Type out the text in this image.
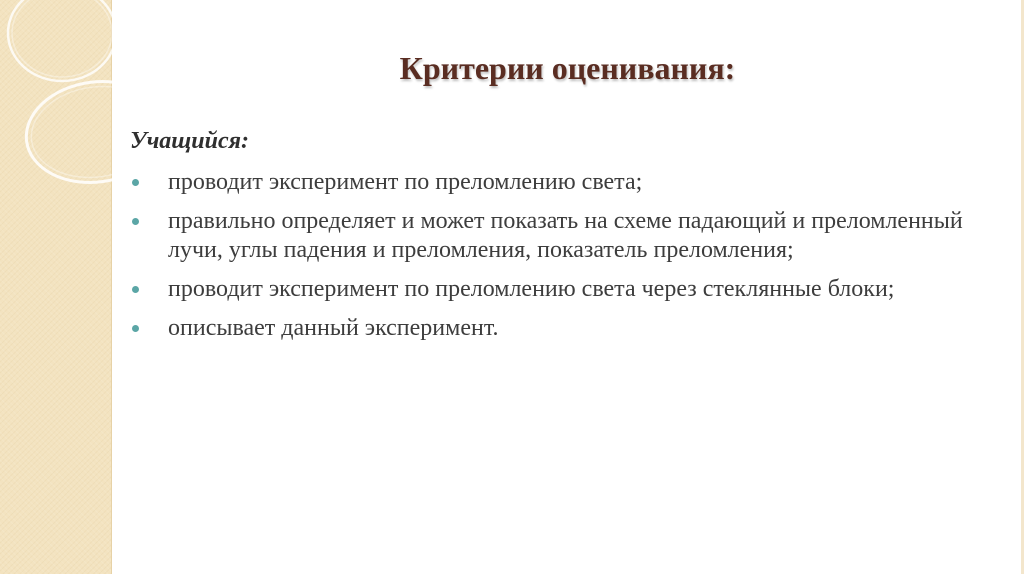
Критерии оценивания:

Учащийся:

проводит эксперимент по преломлению света;
правильно определяет и может показать на схеме падающий и преломленный лучи, углы падения и преломления, показатель преломления;
проводит эксперимент по преломлению света через стеклянные блоки;
описывает данный эксперимент.
